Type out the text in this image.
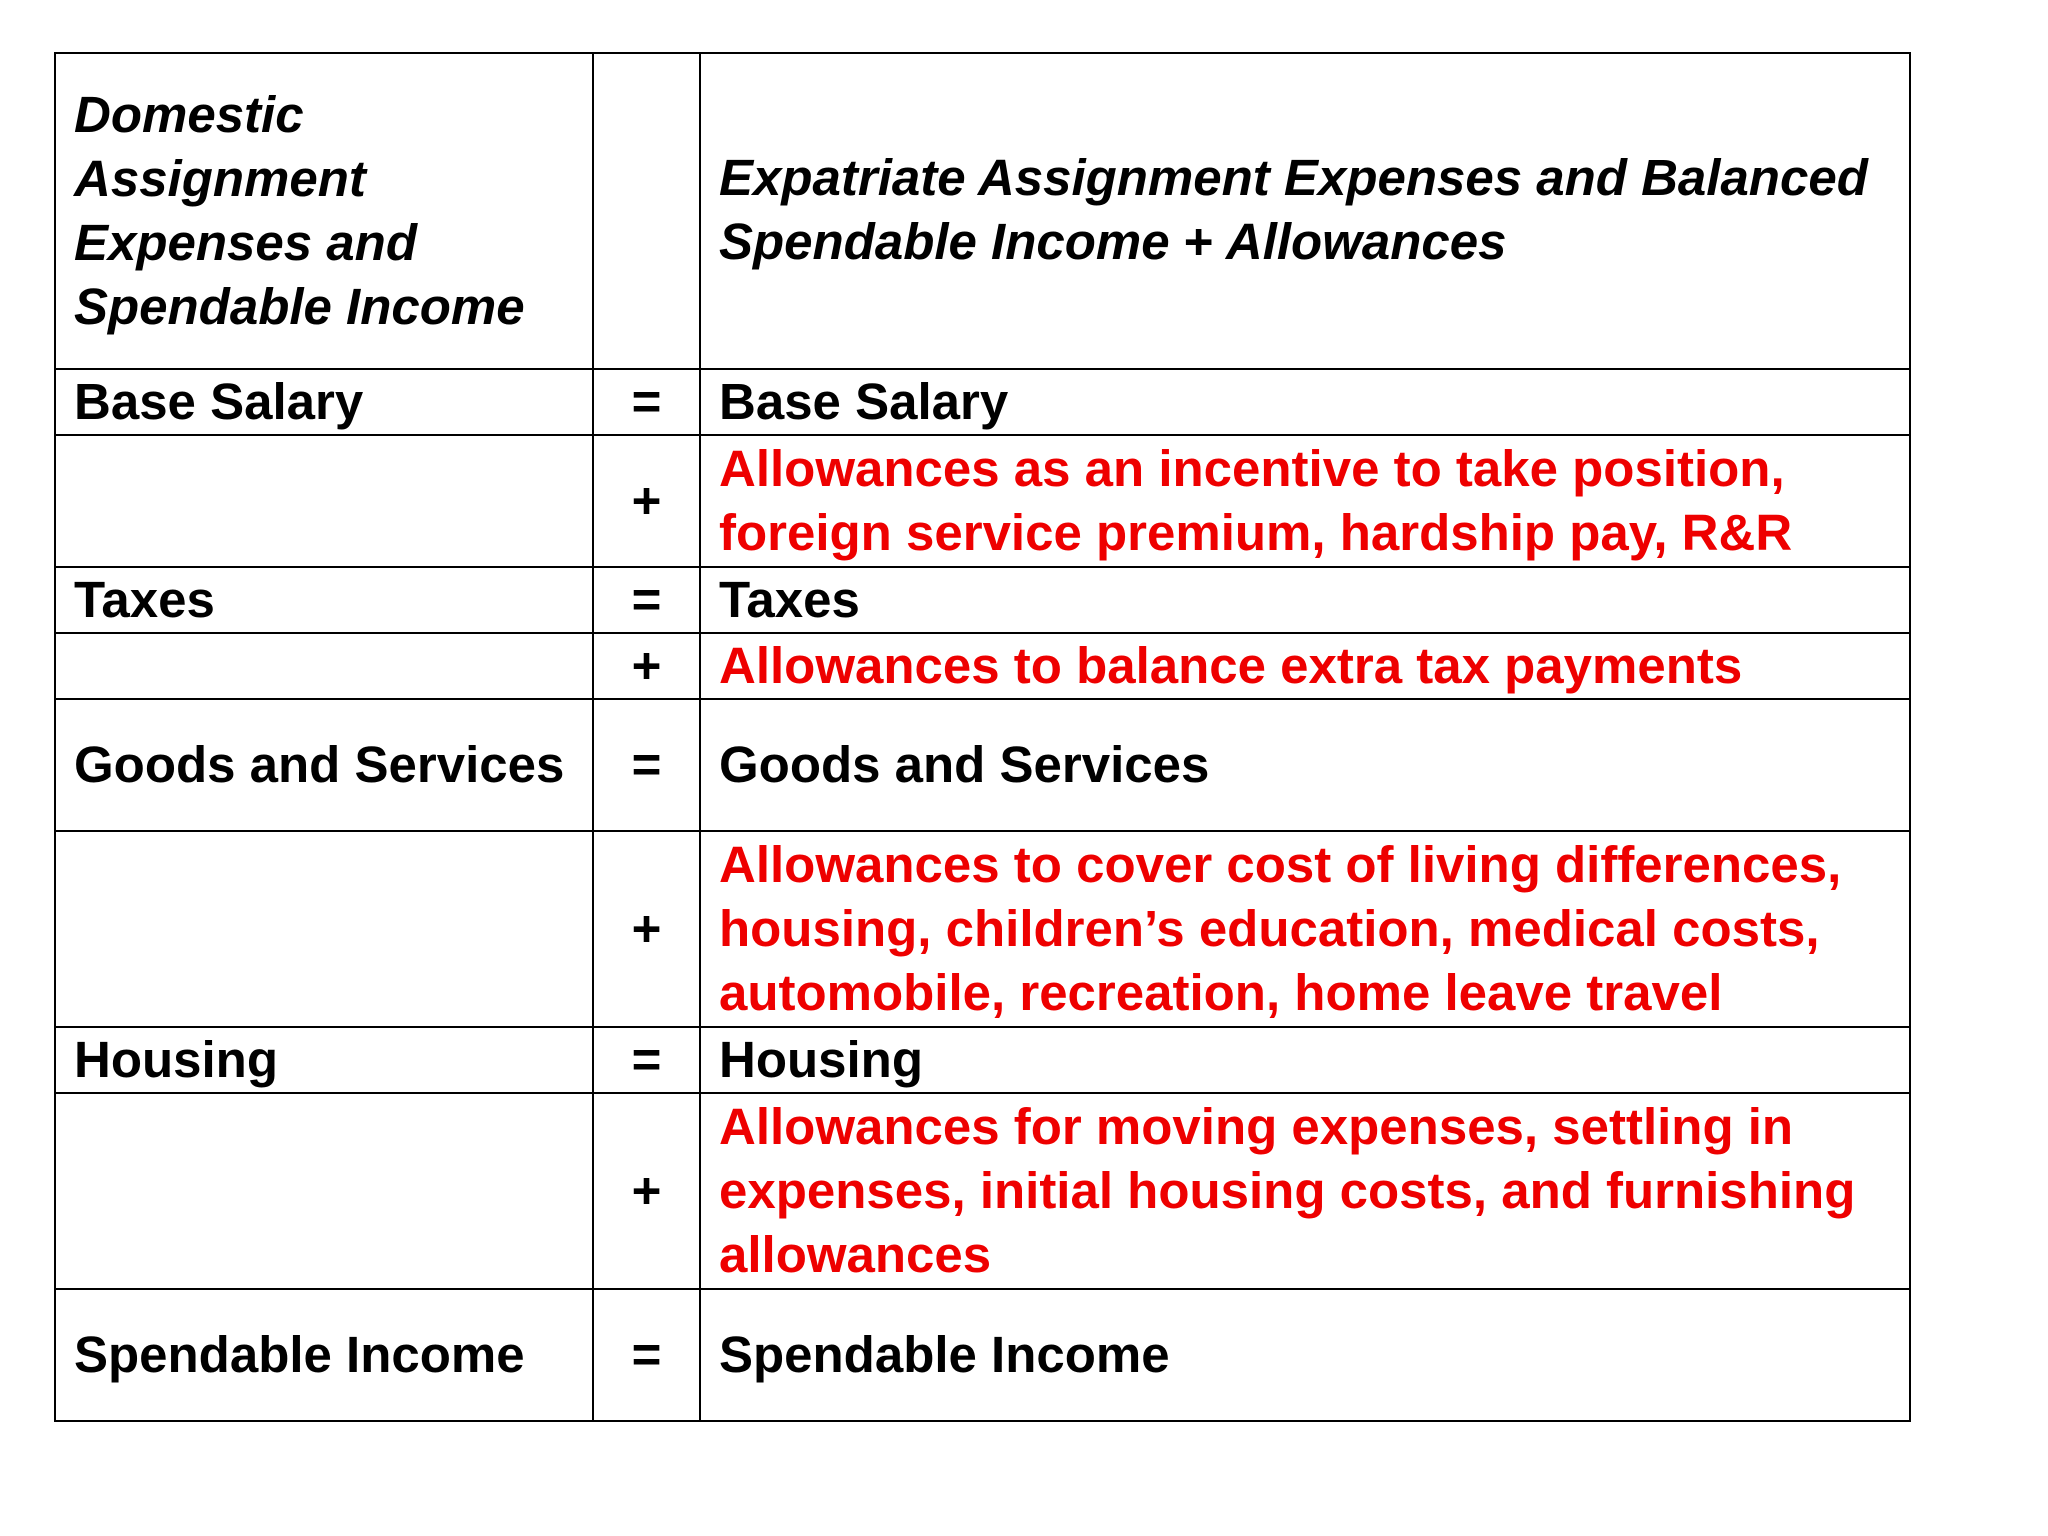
Domestic Assignment Expenses and Spendable Income		Expatriate Assignment Expenses and Balanced Spendable Income + Allowances
Base Salary	=	Base Salary
	+	Allowances as an incentive to take position, foreign service premium, hardship pay, R&R
Taxes	=	Taxes
	+	Allowances to balance extra tax payments
Goods and Services	=	Goods and Services
	+	Allowances to cover cost of living differences, housing, children’s education, medical costs, automobile, recreation, home leave travel
Housing	=	Housing
	+	Allowances for moving expenses, settling in expenses, initial housing costs, and furnishing allowances
Spendable Income	=	Spendable Income
